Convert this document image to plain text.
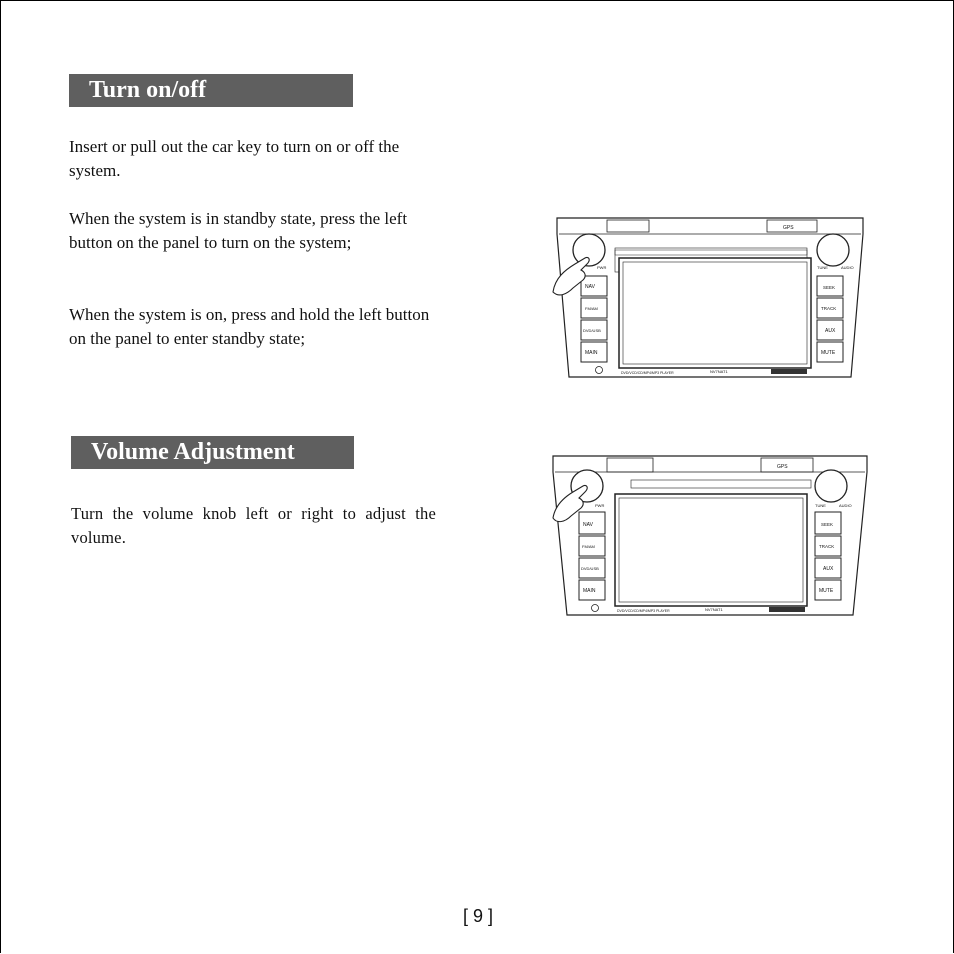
Turn on/off

Insert or pull out the car key to turn on or off the system.

When the system is in standby state, press the left button on the panel to turn on the system;

When the system is on, press and hold the left button on the panel to enter standby state;

Volume Adjustment

Turn the volume knob left or right to adjust the volume.

GPS
PWR	TUNE	AUDIO
NAV
FM/AM
DVD/USB
MAIN
SEEK
TRACK
AUX
MUTE
DVD/VCD/CD/MP4/MP3 PLAYER	NV7NAT1
GPS
PWR	TUNE	AUDIO
NAV
FM/AM
DVD/USB
MAIN
SEEK
TRACK
AUX
MUTE
DVD/VCD/CD/MP4/MP3 PLAYER	NV7NAT1
[ 9 ]
